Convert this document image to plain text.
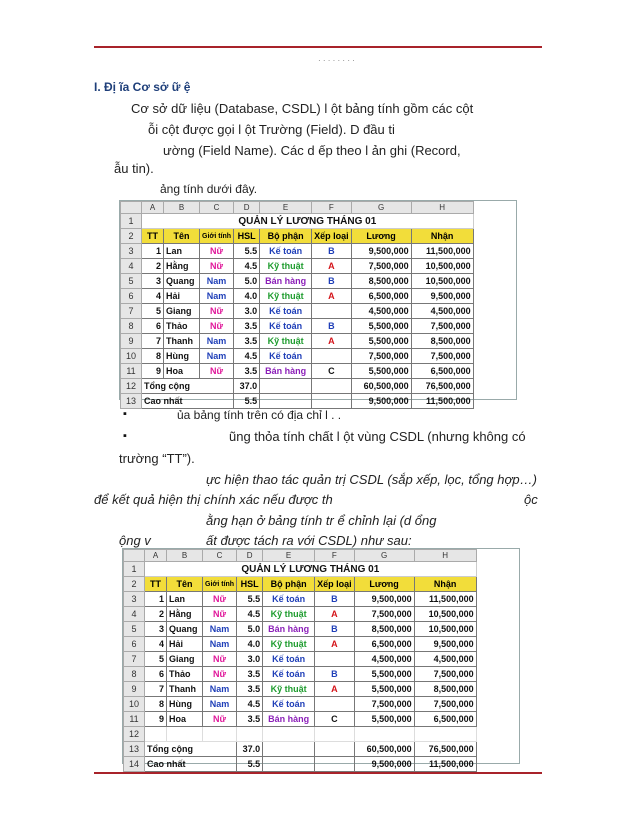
· · · · · · · ·
I. Đị ĩa Cơ sở ữ ệ
Cơ sở dữ liệu (Database, CSDL) l ột bảng tính gồm các cột
ỗi cột được gọi l ột Trường (Field). D đầu ti
ường (Field Name). Các d ếp theo l ản ghi (Record,
ẫu tin).
ảng tính dưới đây.
	A	B	C	D	E	F	G	H
1	QUẢN LÝ LƯƠNG THÁNG 01							
2	TT	Tên	Giới tính	HSL	Bộ phận	Xếp loại	Lương	Nhận
3	1	Lan	Nữ	5.5	Kế toán	B	9,500,000	11,500,000
4	2	Hằng	Nữ	4.5	Kỹ thuật	A	7,500,000	10,500,000
5	3	Quang	Nam	5.0	Bán hàng	B	8,500,000	10,500,000
6	4	Hải	Nam	4.0	Kỹ thuật	A	6,500,000	9,500,000
7	5	Giang	Nữ	3.0	Kế toán		4,500,000	4,500,000
8	6	Thảo	Nữ	3.5	Kế toán	B	5,500,000	7,500,000
9	7	Thanh	Nam	3.5	Kỹ thuật	A	5,500,000	8,500,000
10	8	Hùng	Nam	4.5	Kế toán		7,500,000	7,500,000
11	9	Hoa	Nữ	3.5	Bán hàng	C	5,500,000	6,500,000
12	Tổng cộng			37.0			60,500,000	76,500,000
13	Cao nhất			5.5			9,500,000	11,500,000
▪	ủa bảng tính trên có địa chỉ l . .
▪	ũng thỏa tính chất l ột vùng CSDL (nhưng không có
trường “TT”).
ực hiện thao tác quản trị CSDL (sắp xếp, lọc, tổng hợp…)
để kết quả hiện thị chính xác nếu được th	ộc
ằng hạn ở bảng tính tr ể chỉnh lại (d ổng
ộng v	ất được tách ra với CSDL) như sau:
	A	B	C	D	E	F	G	H
1	QUẢN LÝ LƯƠNG THÁNG 01							
2	TT	Tên	Giới tính	HSL	Bộ phận	Xếp loại	Lương	Nhận
3	1	Lan	Nữ	5.5	Kế toán	B	9,500,000	11,500,000
4	2	Hằng	Nữ	4.5	Kỹ thuật	A	7,500,000	10,500,000
5	3	Quang	Nam	5.0	Bán hàng	B	8,500,000	10,500,000
6	4	Hải	Nam	4.0	Kỹ thuật	A	6,500,000	9,500,000
7	5	Giang	Nữ	3.0	Kế toán		4,500,000	4,500,000
8	6	Thảo	Nữ	3.5	Kế toán	B	5,500,000	7,500,000
9	7	Thanh	Nam	3.5	Kỹ thuật	A	5,500,000	8,500,000
10	8	Hùng	Nam	4.5	Kế toán		7,500,000	7,500,000
11	9	Hoa	Nữ	3.5	Bán hàng	C	5,500,000	6,500,000
12								
13	Tổng cộng			37.0			60,500,000	76,500,000
14	Cao nhất			5.5			9,500,000	11,500,000
